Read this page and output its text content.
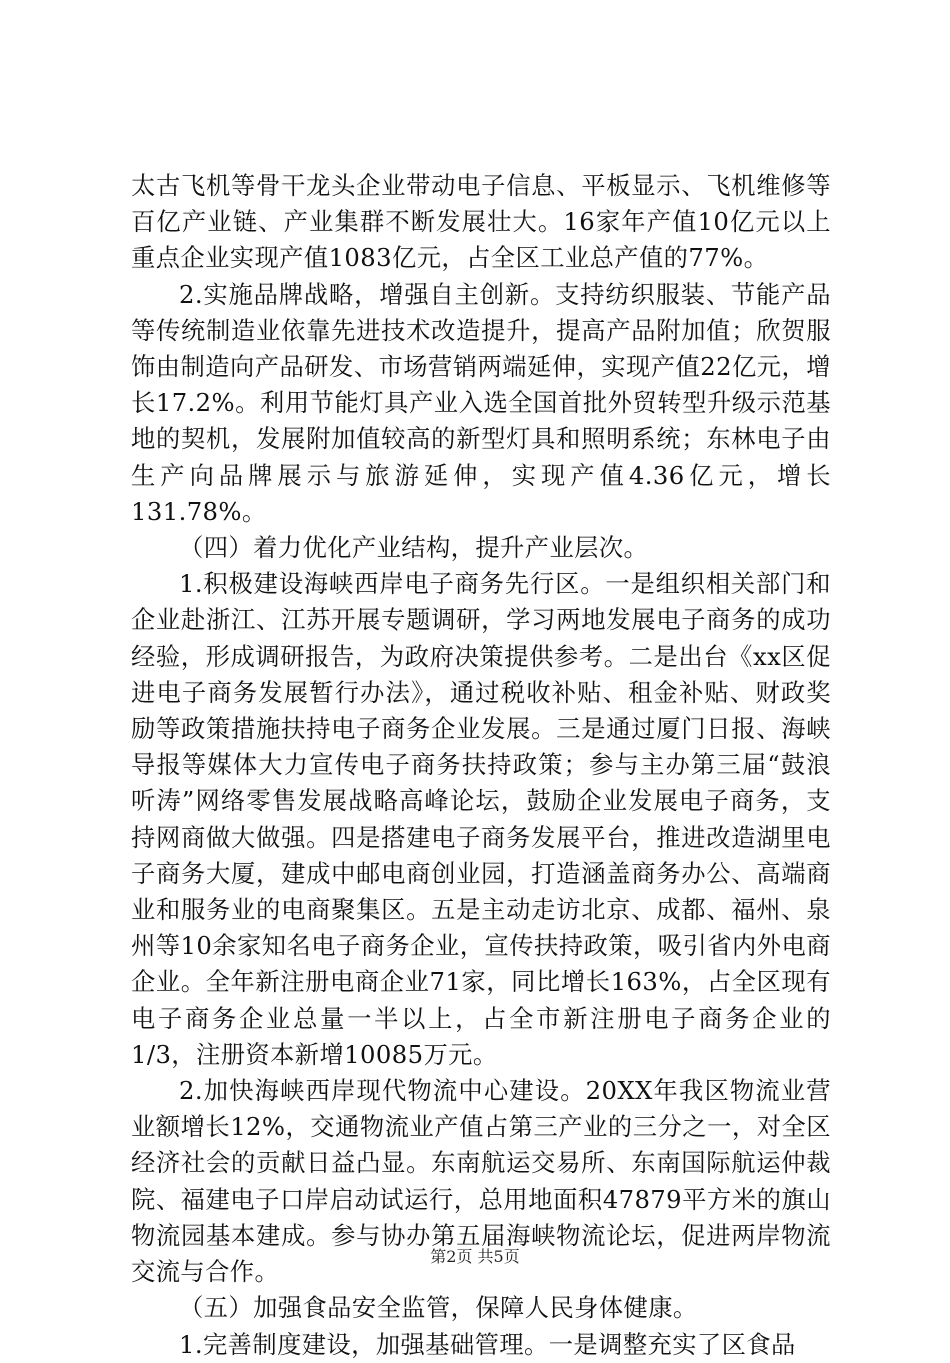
太古飞机等骨干龙头企业带动电子信息、平板显示、飞机维修等百亿产业链、产业集群不断发展壮大。16家年产值10亿元以上重点企业实现产值1083亿元，占全区工业总产值的77%。

2.实施品牌战略，增强自主创新。支持纺织服装、节能产品等传统制造业依靠先进技术改造提升，提高产品附加值；欣贺服饰由制造向产品研发、市场营销两端延伸，实现产值22亿元，增长17.2%。利用节能灯具产业入选全国首批外贸转型升级示范基地的契机，发展附加值较高的新型灯具和照明系统；东林电子由生产向品牌展示与旅游延伸，实现产值4.36亿元，增长131.78%。

（四）着力优化产业结构，提升产业层次。

1.积极建设海峡西岸电子商务先行区。一是组织相关部门和企业赴浙江、江苏开展专题调研，学习两地发展电子商务的成功经验，形成调研报告，为政府决策提供参考。二是出台《xx区促进电子商务发展暂行办法》，通过税收补贴、租金补贴、财政奖励等政策措施扶持电子商务企业发展。三是通过厦门日报、海峡导报等媒体大力宣传电子商务扶持政策；参与主办第三届“鼓浪听涛”网络零售发展战略高峰论坛，鼓励企业发展电子商务，支持网商做大做强。四是搭建电子商务发展平台，推进改造湖里电子商务大厦，建成中邮电商创业园，打造涵盖商务办公、高端商业和服务业的电商聚集区。五是主动走访北京、成都、福州、泉州等10余家知名电子商务企业，宣传扶持政策，吸引省内外电商企业。全年新注册电商企业71家，同比增长163%，占全区现有电子商务企业总量一半以上，占全市新注册电子商务企业的1/3，注册资本新增10085万元。

2.加快海峡西岸现代物流中心建设。20XX年我区物流业营业额增长12%，交通物流业产值占第三产业的三分之一，对全区经济社会的贡献日益凸显。东南航运交易所、东南国际航运仲裁院、福建电子口岸启动试运行，总用地面积47879平方米的旗山物流园基本建成。参与协办第五届海峡物流论坛，促进两岸物流交流与合作。

（五）加强食品安全监管，保障人民身体健康。

1.完善制度建设，加强基础管理。一是调整充实了区食品

第2页 共5页
